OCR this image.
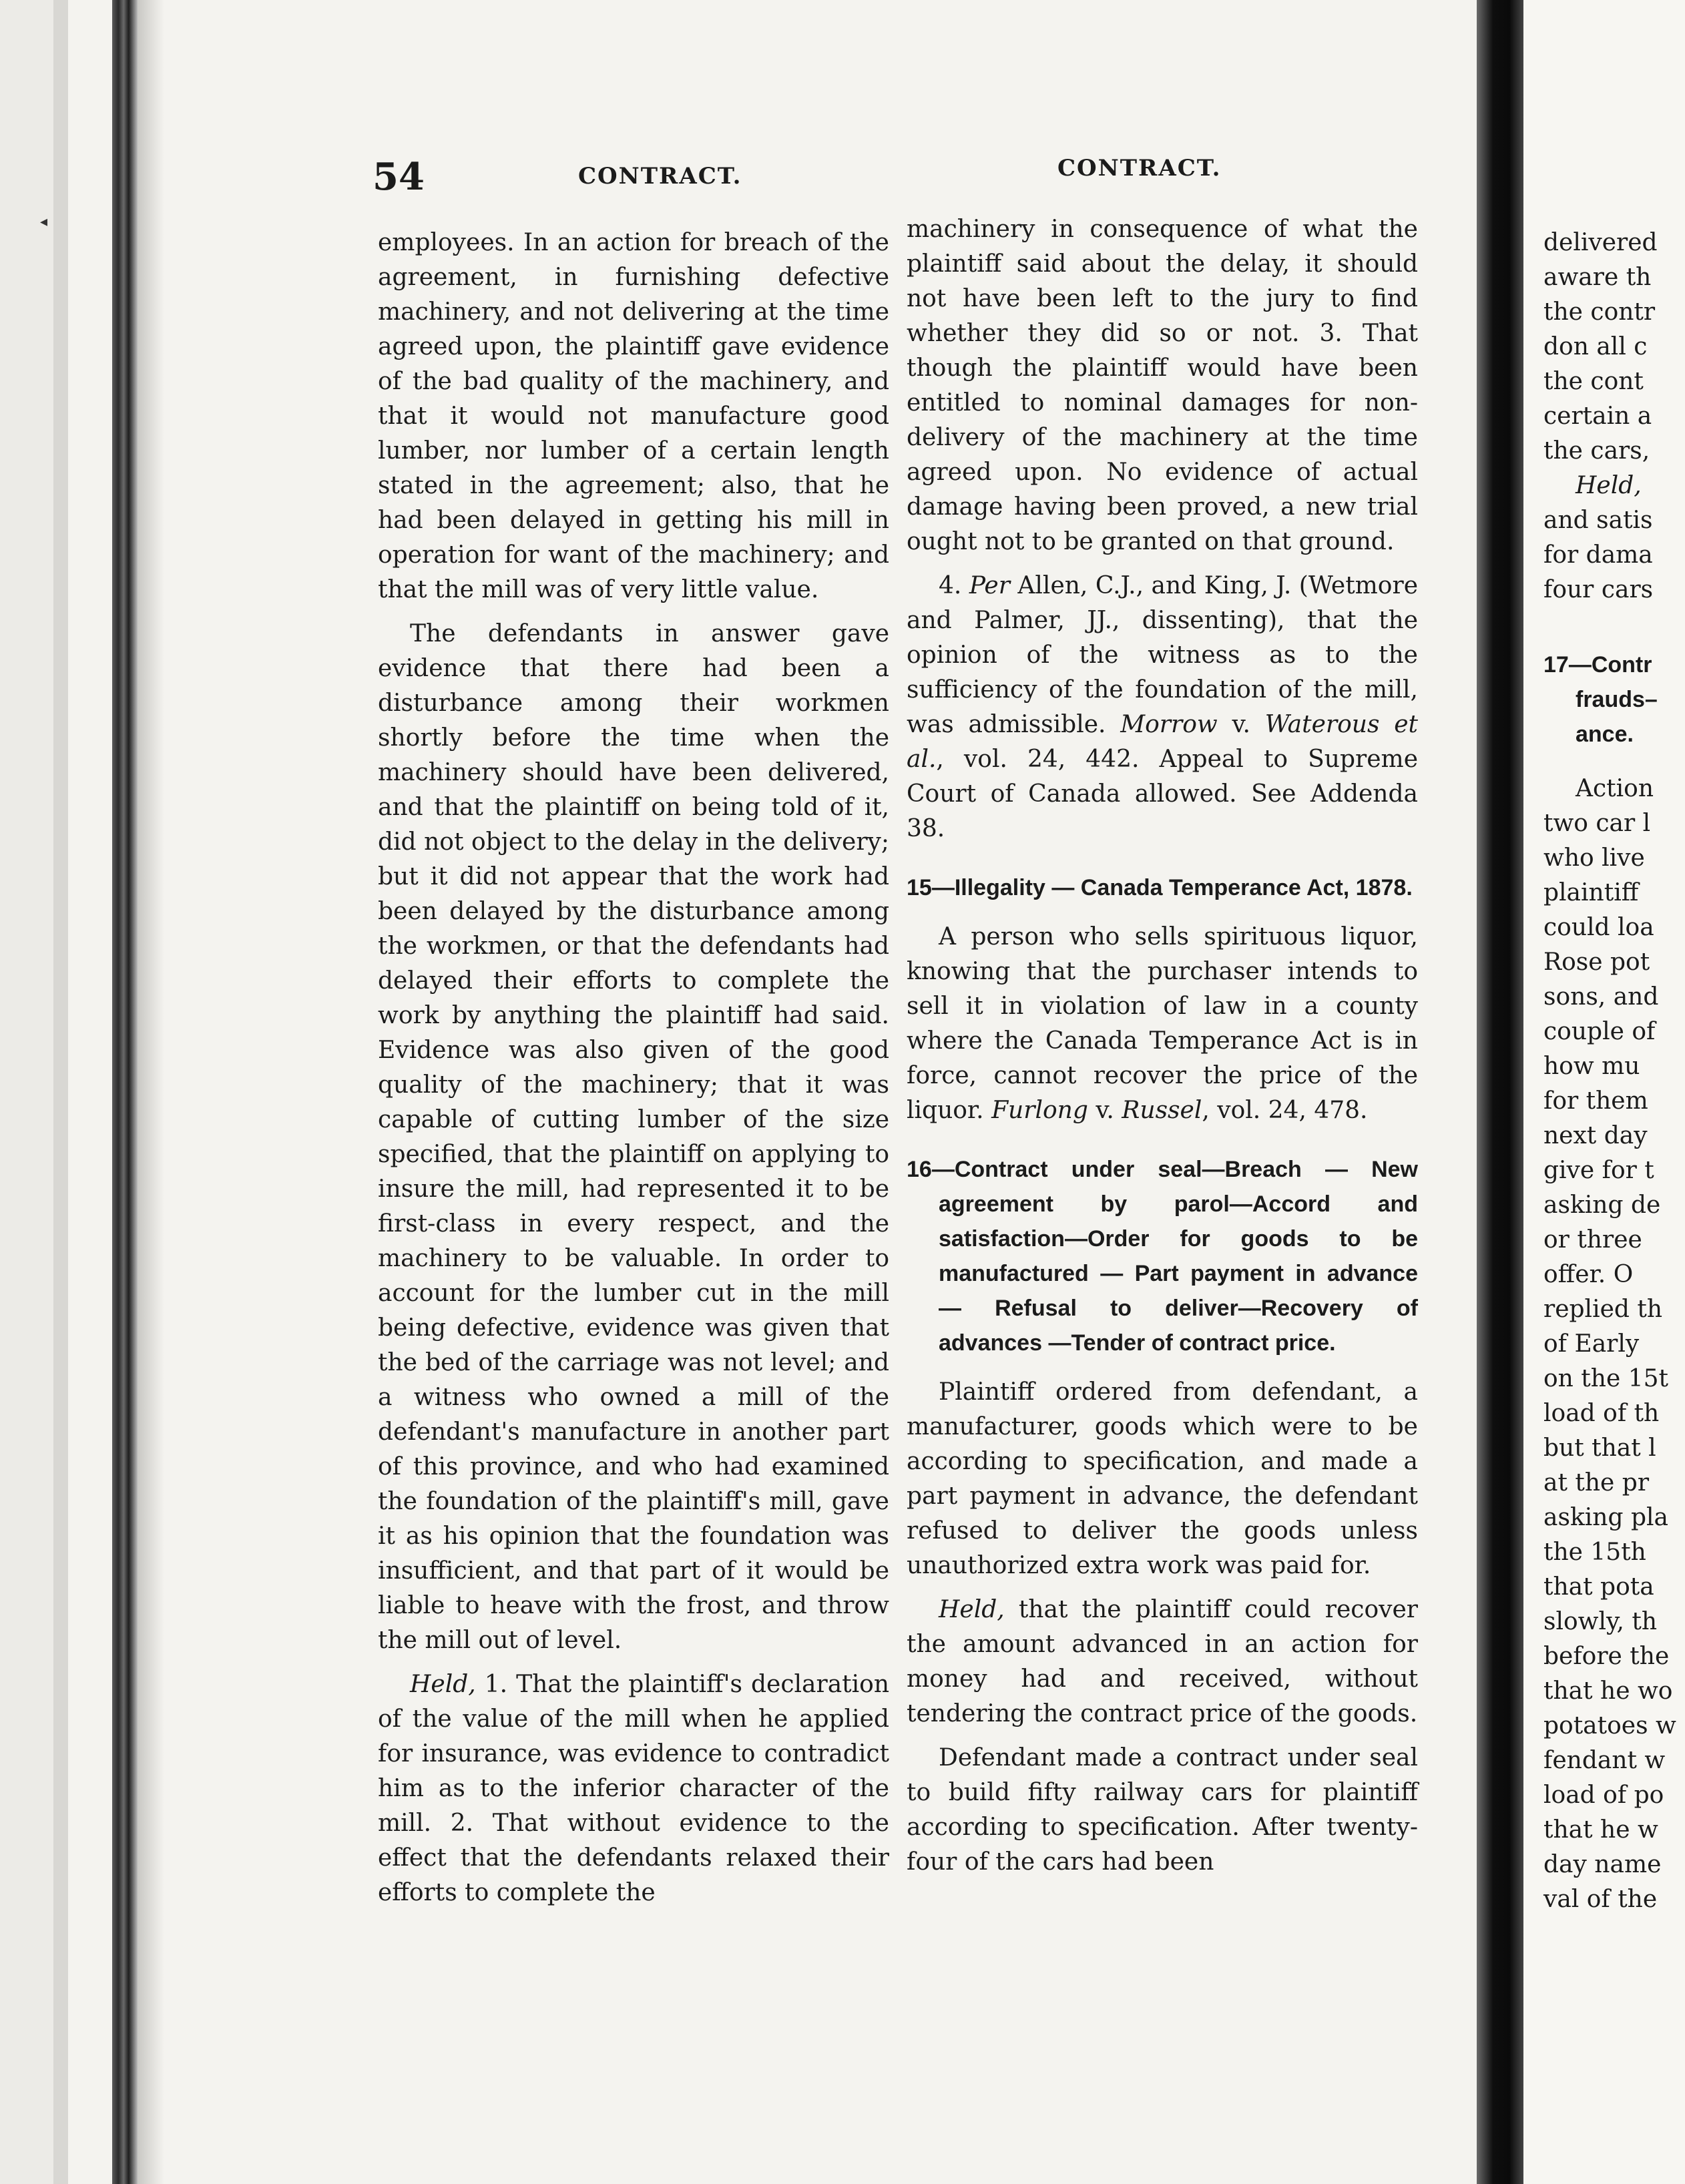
◂
54	CONTRACT.	CONTRACT.

employees. In an action for breach of the agreement, in furnishing defective machinery, and not delivering at the time agreed upon, the plaintiff gave evidence of the bad quality of the machinery, and that it would not manufacture good lumber, nor lumber of a certain length stated in the agreement; also, that he had been delayed in getting his mill in operation for want of the machinery; and that the mill was of very little value.

The defendants in answer gave evidence that there had been a disturbance among their workmen shortly before the time when the machinery should have been delivered, and that the plaintiff on being told of it, did not object to the delay in the delivery; but it did not appear that the work had been delayed by the disturbance among the workmen, or that the defendants had delayed their efforts to complete the work by anything the plaintiff had said. Evidence was also given of the good quality of the machinery; that it was capable of cutting lumber of the size specified, that the plaintiff on applying to insure the mill, had represented it to be first-class in every respect, and the machinery to be valuable. In order to account for the lumber cut in the mill being defective, evidence was given that the bed of the carriage was not level; and a witness who owned a mill of the defendant's manufacture in another part of this province, and who had examined the foundation of the plaintiff's mill, gave it as his opinion that the foundation was insufficient, and that part of it would be liable to heave with the frost, and throw the mill out of level.

Held, 1. That the plaintiff's declaration of the value of the mill when he applied for insurance, was evidence to contradict him as to the inferior character of the mill. 2. That without evidence to the effect that the defendants relaxed their efforts to complete the

machinery in consequence of what the plaintiff said about the delay, it should not have been left to the jury to find whether they did so or not. 3. That though the plaintiff would have been entitled to nominal damages for non-delivery of the machinery at the time agreed upon. No evidence of actual damage having been proved, a new trial ought not to be granted on that ground.

4. Per Allen, C.J., and King, J. (Wetmore and Palmer, JJ., dissenting), that the opinion of the witness as to the sufficiency of the foundation of the mill, was admissible. Morrow v. Waterous et al., vol. 24, 442. Appeal to Supreme Court of Canada allowed. See Addenda 38.

15—Illegality — Canada Temperance Act, 1878.

A person who sells spirituous liquor, knowing that the purchaser intends to sell it in violation of law in a county where the Canada Temperance Act is in force, cannot recover the price of the liquor. Furlong v. Russel, vol. 24, 478.

16—Contract under seal—Breach — New agreement by parol—Accord and satisfaction—Order for goods to be manufactured — Part payment in advance — Refusal to deliver—Recovery of advances —Tender of contract price.

Plaintiff ordered from defendant, a manufacturer, goods which were to be according to specification, and made a part payment in advance, the defendant refused to deliver the goods unless unauthorized extra work was paid for.

Held, that the plaintiff could recover the amount advanced in an action for money had and received, without tendering the contract price of the goods.

Defendant made a contract under seal to build fifty railway cars for plaintiff according to specification. After twenty-four of the cars had been

delivered

aware th

the contr

don all c

the cont

certain a

the cars,

Held,

and satis

for dama

four cars

17—Contr
frauds–
ance.

Action

two car l

who live

plaintiff

could loa

Rose pot

sons, and

couple of

how mu

for them

next day

give for t

asking de

or three

offer. O

replied th

of Early

on the 15t

load of th

but that l

at the pr

asking pla

the 15th

that pota

slowly, th

before the

that he wo

potatoes w

fendant w

load of po

that he w

day name

val of the
